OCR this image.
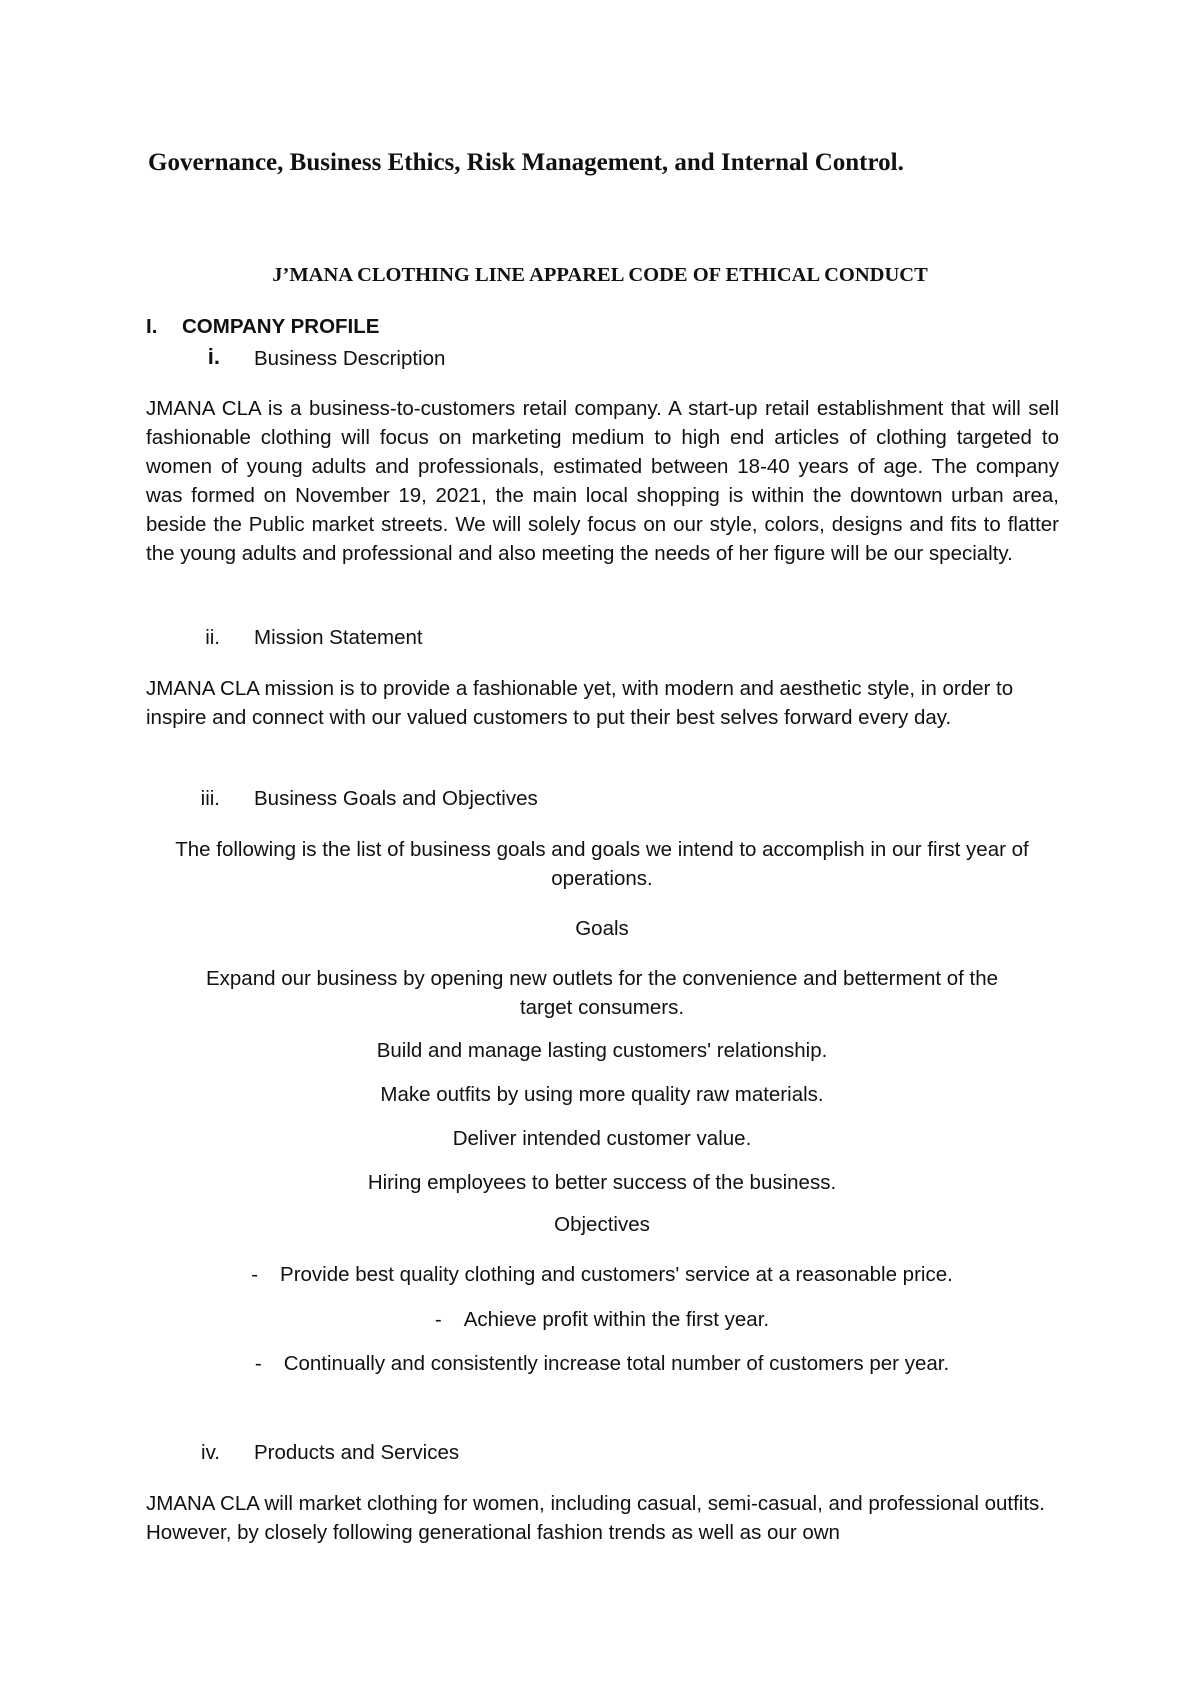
Governance, Business Ethics, Risk Management, and Internal Control.
J’MANA CLOTHING LINE APPAREL CODE OF ETHICAL CONDUCT
I. COMPANY PROFILE
i. Business Description

JMANA CLA is a business-to-customers retail company. A start-up retail establishment that will sell fashionable clothing will focus on marketing medium to high end articles of clothing targeted to women of young adults and professionals, estimated between 18-40 years of age. The company was formed on November 19, 2021, the main local shopping is within the downtown urban area, beside the Public market streets. We will solely focus on our style, colors, designs and fits to flatter the young adults and professional and also meeting the needs of her figure will be our specialty.

ii. Mission Statement

JMANA CLA mission is to provide a fashionable yet, with modern and aesthetic style, in order to inspire and connect with our valued customers to put their best selves forward every day.

iii. Business Goals and Objectives

The following is the list of business goals and goals we intend to accomplish in our first year of operations.

Goals

Expand our business by opening new outlets for the convenience and betterment of the target consumers.

Build and manage lasting customers' relationship.

Make outfits by using more quality raw materials.

Deliver intended customer value.

Hiring employees to better success of the business.

Objectives

- Provide best quality clothing and customers' service at a reasonable price.

- Achieve profit within the first year.

- Continually and consistently increase total number of customers per year.

iv. Products and Services

JMANA CLA will market clothing for women, including casual, semi-casual, and professional outfits. However, by closely following generational fashion trends as well as our own
